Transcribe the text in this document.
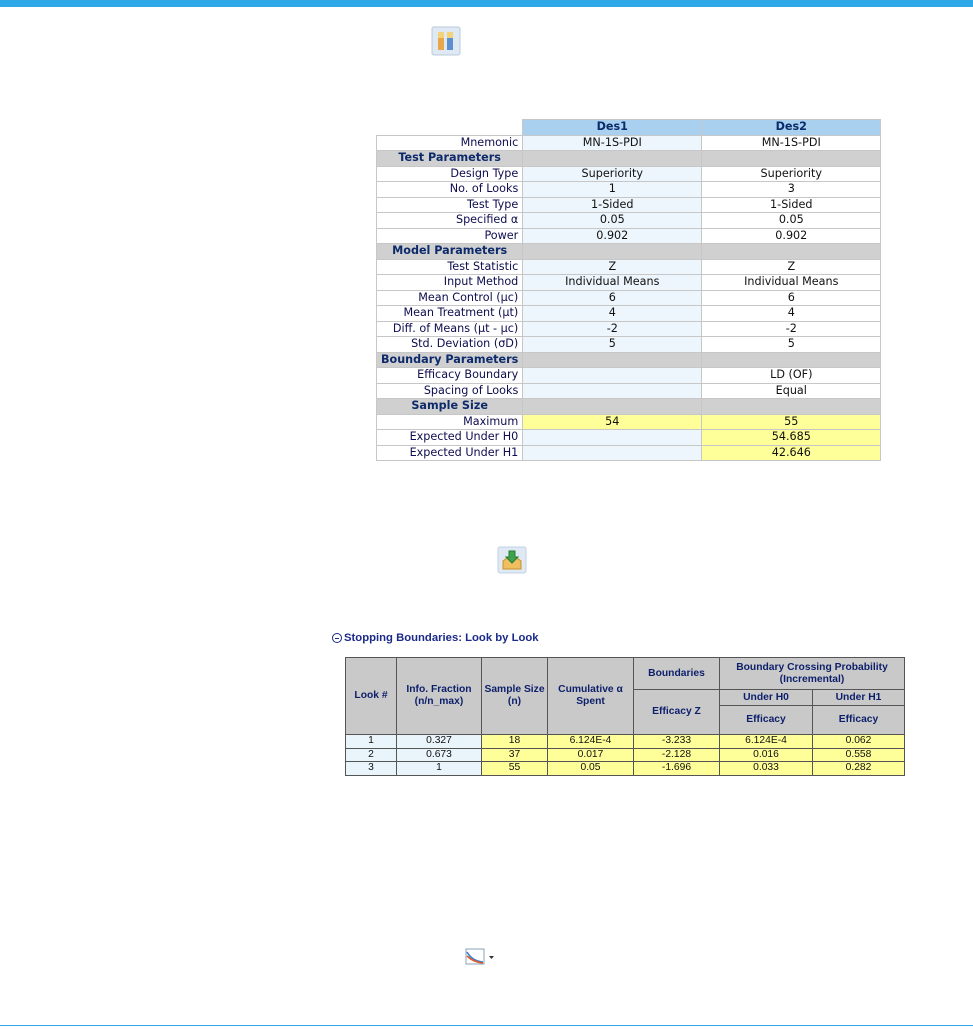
	Des1	Des2
Mnemonic	MN-1S-PDI	MN-1S-PDI
Test Parameters		
Design Type	Superiority	Superiority
No. of Looks	1	3
Test Type	1-Sided	1-Sided
Specified α	0.05	0.05
Power	0.902	0.902
Model Parameters		
Test Statistic	Z	Z
Input Method	Individual Means	Individual Means
Mean Control (μc)	6	6
Mean Treatment (μt)	4	4
Diff. of Means (μt - μc)	-2	-2
Std. Deviation (σD)	5	5
Boundary Parameters		
Efficacy Boundary		LD (OF)
Spacing of Looks		Equal
Sample Size		
Maximum	54	55
Expected Under H0		54.685
Expected Under H1		42.646
Stopping Boundaries: Look by Look
Look #	Info. Fraction (n/n_max)	Sample Size (n)	Cumulative α Spent	Boundaries	Boundary Crossing Probability (Incremental)	
				Efficacy Z	Under H0	Under H1
					Efficacy	Efficacy
1	0.327	18	6.124E-4	-3.233	6.124E-4	0.062
2	0.673	37	0.017	-2.128	0.016	0.558
3	1	55	0.05	-1.696	0.033	0.282
